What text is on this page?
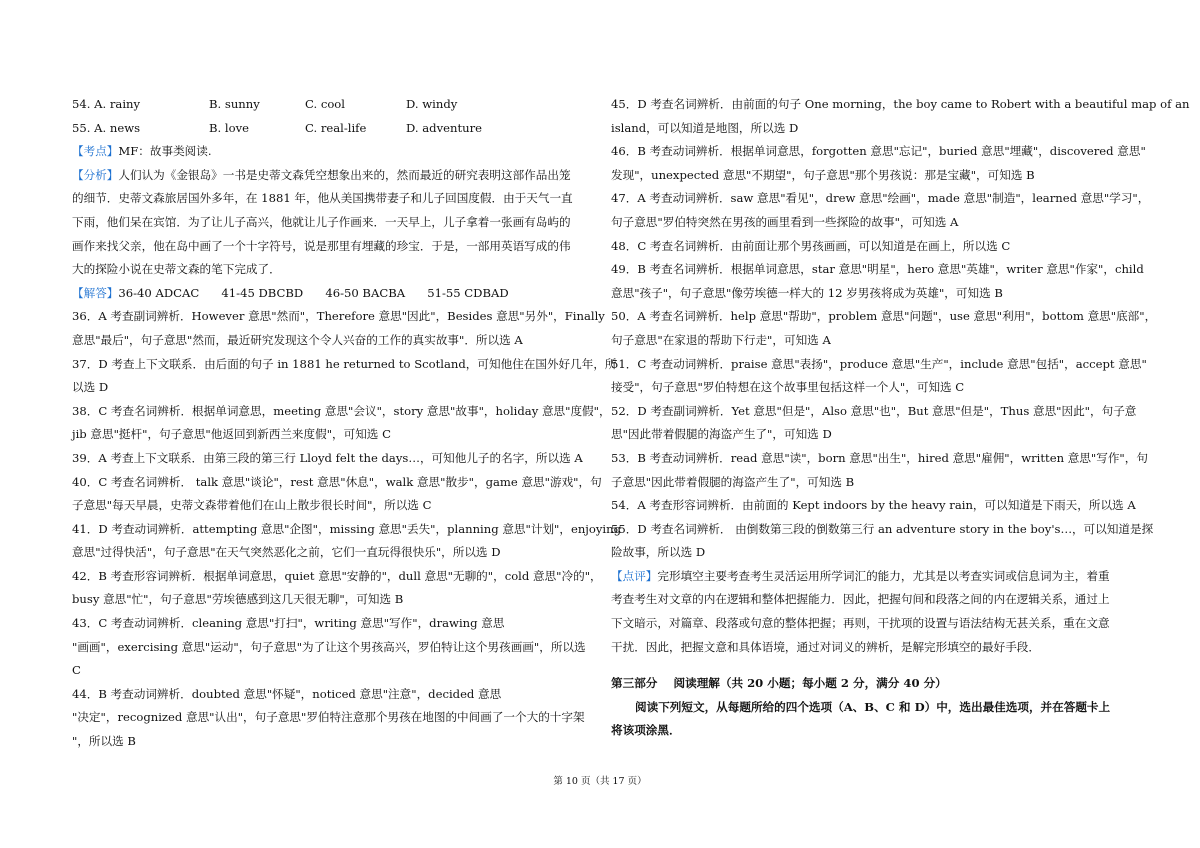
54. A. rainy	B. sunny	C. cool	D. windy
55. A. news	B. love	C. real-life	D. adventure
【考点】MF：故事类阅读.
【分析】人们认为《金银岛》一书是史蒂文森凭空想象出来的，然而最近的研究表明这部作品出笼
的细节．史蒂文森旅居国外多年，在 1881 年，他从美国携带妻子和儿子回国度假．由于天气一直
下雨，他们呆在宾馆．为了让儿子高兴，他就让儿子作画来．一天早上，儿子拿着一张画有岛屿的
画作来找父亲，他在岛中画了一个十字符号，说是那里有埋藏的珍宝．于是，一部用英语写成的伟
大的探险小说在史蒂文森的笔下完成了．
【解答】36-40 ADCAC      41-45 DBCBD      46-50 BACBA      51-55 CDBAD
36．A 考查副词辨析．However 意思"然而"，Therefore 意思"因此"，Besides 意思"另外"，Finally
意思"最后"，句子意思"然而，最近研究发现这个令人兴奋的工作的真实故事"．所以选 A
37．D 考查上下文联系．由后面的句子 in 1881 he returned to Scotland，可知他住在国外好几年，所
以选 D
38．C 考查名词辨析．根据单词意思，meeting 意思"会议"，story 意思"故事"，holiday 意思"度假"，
jib 意思"挺杆"，句子意思"他返回到新西兰来度假"，可知选 C
39．A 考查上下文联系．由第三段的第三行 Lloyd felt the days…，可知他儿子的名字，所以选 A
40．C 考查名词辨析． talk 意思"谈论"，rest 意思"休息"，walk 意思"散步"，game 意思"游戏"，句
子意思"每天早晨，史蒂文森带着他们在山上散步很长时间"，所以选 C
41．D 考查动词辨析．attempting 意思"企图"，missing 意思"丢失"，planning 意思"计划"，enjoying
意思"过得快活"，句子意思"在天气突然恶化之前，它们一直玩得很快乐"，所以选 D
42．B 考查形容词辨析．根据单词意思，quiet 意思"安静的"，dull 意思"无聊的"，cold 意思"冷的"，
busy 意思"忙"，句子意思"劳埃德感到这几天很无聊"，可知选 B
43．C 考查动词辨析．cleaning 意思"打扫"，writing 意思"写作"，drawing 意思
"画画"，exercising 意思"运动"，句子意思"为了让这个男孩高兴，罗伯特让这个男孩画画"，所以选
C
44．B 考查动词辨析．doubted 意思"怀疑"，noticed 意思"注意"，decided 意思
"决定"，recognized 意思"认出"，句子意思"罗伯特注意那个男孩在地图的中间画了一个大的十字架
"，所以选 B
45．D 考查名词辨析．由前面的句子 One morning，the boy came to Robert with a beautiful map of an
island，可以知道是地图，所以选 D
46．B 考查动词辨析．根据单词意思，forgotten 意思"忘记"，buried 意思"埋藏"，discovered 意思"
发现"，unexpected 意思"不期望"，句子意思"那个男孩说：那是宝藏"，可知选 B
47．A 考查动词辨析．saw 意思"看见"，drew 意思"绘画"，made 意思"制造"，learned 意思"学习"，
句子意思"罗伯特突然在男孩的画里看到一些探险的故事"，可知选 A
48．C 考查名词辨析．由前面让那个男孩画画，可以知道是在画上，所以选 C
49．B 考查名词辨析．根据单词意思，star 意思"明星"，hero 意思"英雄"，writer 意思"作家"，child
意思"孩子"，句子意思"像劳埃德一样大的 12 岁男孩将成为英雄"，可知选 B
50．A 考查名词辨析．help 意思"帮助"，problem 意思"问题"，use 意思"利用"，bottom 意思"底部"，
句子意思"在家退的帮助下行走"，可知选 A
51．C 考查动词辨析．praise 意思"表扬"，produce 意思"生产"，include 意思"包括"，accept 意思"
接受"，句子意思"罗伯特想在这个故事里包括这样一个人"，可知选 C
52．D 考查副词辨析．Yet 意思"但是"，Also 意思"也"，But 意思"但是"，Thus 意思"因此"，句子意
思"因此带着假腿的海盗产生了"，可知选 D
53．B 考查动词辨析．read 意思"读"，born 意思"出生"，hired 意思"雇佣"，written 意思"写作"，句
子意思"因此带着假腿的海盗产生了"，可知选 B
54．A 考查形容词辨析．由前面的 Kept indoors by the heavy rain，可以知道是下雨天，所以选 A
55．D 考查名词辨析． 由倒数第三段的倒数第三行 an adventure story in the boy's…，可以知道是探
险故事，所以选 D
【点评】完形填空主要考查考生灵活运用所学词汇的能力，尤其是以考查实词或信息词为主，着重
考查考生对文章的内在逻辑和整体把握能力．因此，把握句间和段落之间的内在逻辑关系，通过上
下文暗示，对篇章、段落或句意的整体把握；再则，干扰项的设置与语法结构无甚关系，重在文意
干扰．因此，把握文意和具体语境，通过对词义的辨析，是解完形填空的最好手段．
第三部分    阅读理解（共 20 小题；每小题 2 分，满分 40 分）
阅读下列短文，从每题所给的四个选项（A、B、C 和 D）中，选出最佳选项，并在答题卡上
将该项涂黑．
第 10 页（共 17 页）
